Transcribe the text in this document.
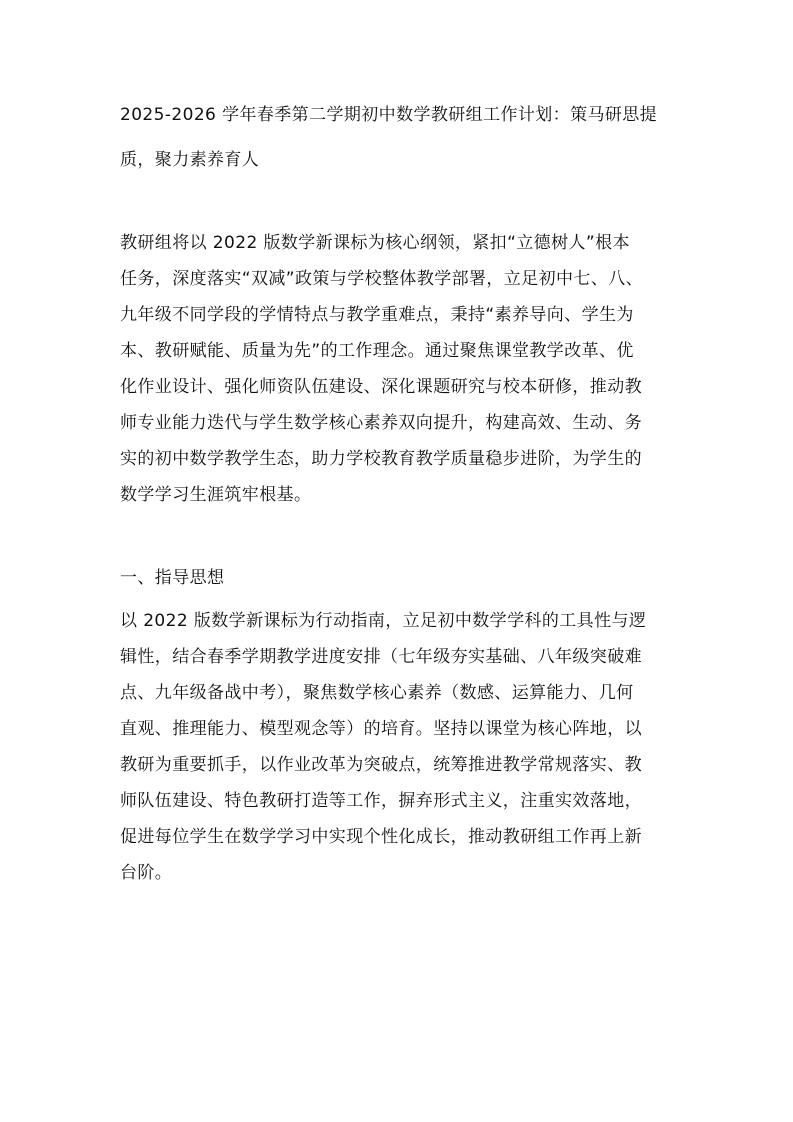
2025-2026 学年春季第二学期初中数学教研组工作计划：策马研思提
质，聚力素养育人
教研组将以 2022 版数学新课标为核心纲领，紧扣“立德树人”根本
任务，深度落实“双减”政策与学校整体教学部署，立足初中七、八、
九年级不同学段的学情特点与教学重难点，秉持“素养导向、学生为
本、教研赋能、质量为先”的工作理念。通过聚焦课堂教学改革、优
化作业设计、强化师资队伍建设、深化课题研究与校本研修，推动教
师专业能力迭代与学生数学核心素养双向提升，构建高效、生动、务
实的初中数学教学生态，助力学校教育教学质量稳步进阶，为学生的
数学学习生涯筑牢根基。
一、指导思想
以 2022 版数学新课标为行动指南，立足初中数学学科的工具性与逻
辑性，结合春季学期教学进度安排（七年级夯实基础、八年级突破难
点、九年级备战中考），聚焦数学核心素养（数感、运算能力、几何
直观、推理能力、模型观念等）的培育。坚持以课堂为核心阵地，以
教研为重要抓手，以作业改革为突破点，统筹推进教学常规落实、教
师队伍建设、特色教研打造等工作，摒弃形式主义，注重实效落地，
促进每位学生在数学学习中实现个性化成长，推动教研组工作再上新
台阶。
